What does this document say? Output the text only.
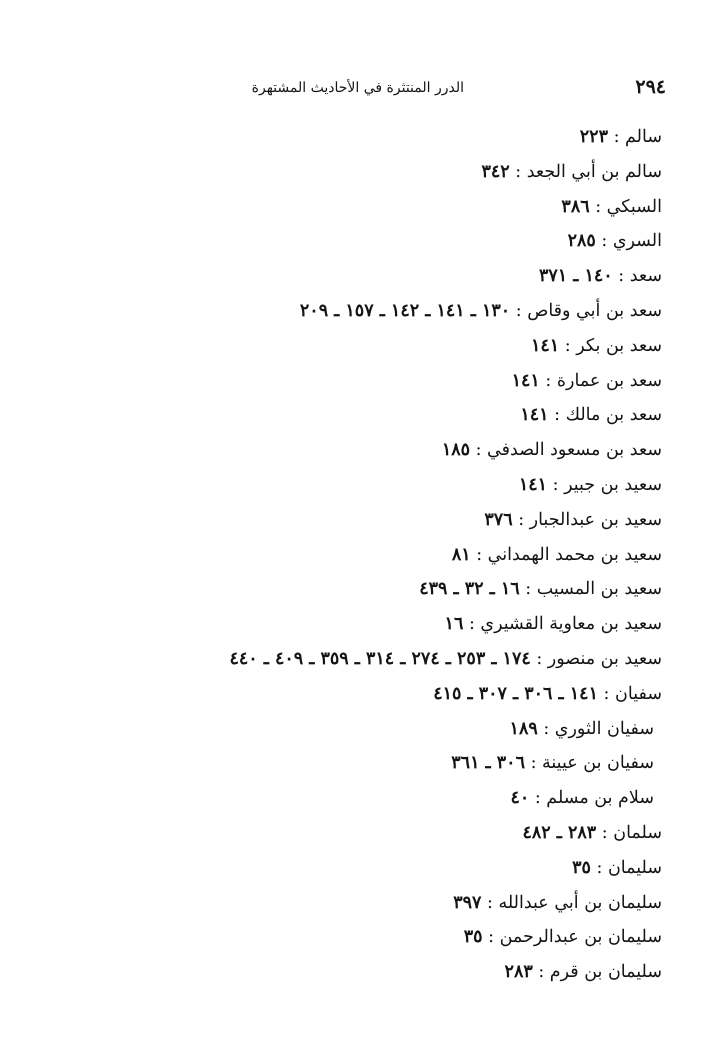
٢٩٤
الدرر المنتثرة في الأحاديث المشتهرة
سالم : ٢٢٣
سالم بن أبي الجعد : ٣٤٢
السبكي : ٣٨٦
السري : ٢٨٥
سعد : ١٤٠ ـ ٣٧١
سعد بن أبي وقاص : ١٣٠ ـ ١٤١ ـ ١٤٢ ـ ١٥٧ ـ ٢٠٩
سعد بن بكر : ١٤١
سعد بن عمارة : ١٤١
سعد بن مالك : ١٤١
سعد بن مسعود الصدفي : ١٨٥
سعيد بن جبير : ١٤١
سعيد بن عبدالجبار : ٣٧٦
سعيد بن محمد الهمداني : ٨١
سعيد بن المسيب : ١٦ ـ ٣٢ ـ ٤٣٩
سعيد بن معاوية القشيري : ١٦
سعيد بن منصور : ١٧٤ ـ ٢٥٣ ـ ٢٧٤ ـ ٣١٤ ـ ٣٥٩ ـ ٤٠٩ ـ ٤٤٠
سفيان : ١٤١ ـ ٣٠٦ ـ ٣٠٧ ـ ٤١٥
سفيان الثوري : ١٨٩
سفيان بن عيينة : ٣٠٦ ـ ٣٦١
سلام بن مسلم : ٤٠
سلمان : ٢٨٣ ـ ٤٨٢
سليمان : ٣٥
سليمان بن أبي عبدالله : ٣٩٧
سليمان بن عبدالرحمن : ٣٥
سليمان بن قرم : ٢٨٣
